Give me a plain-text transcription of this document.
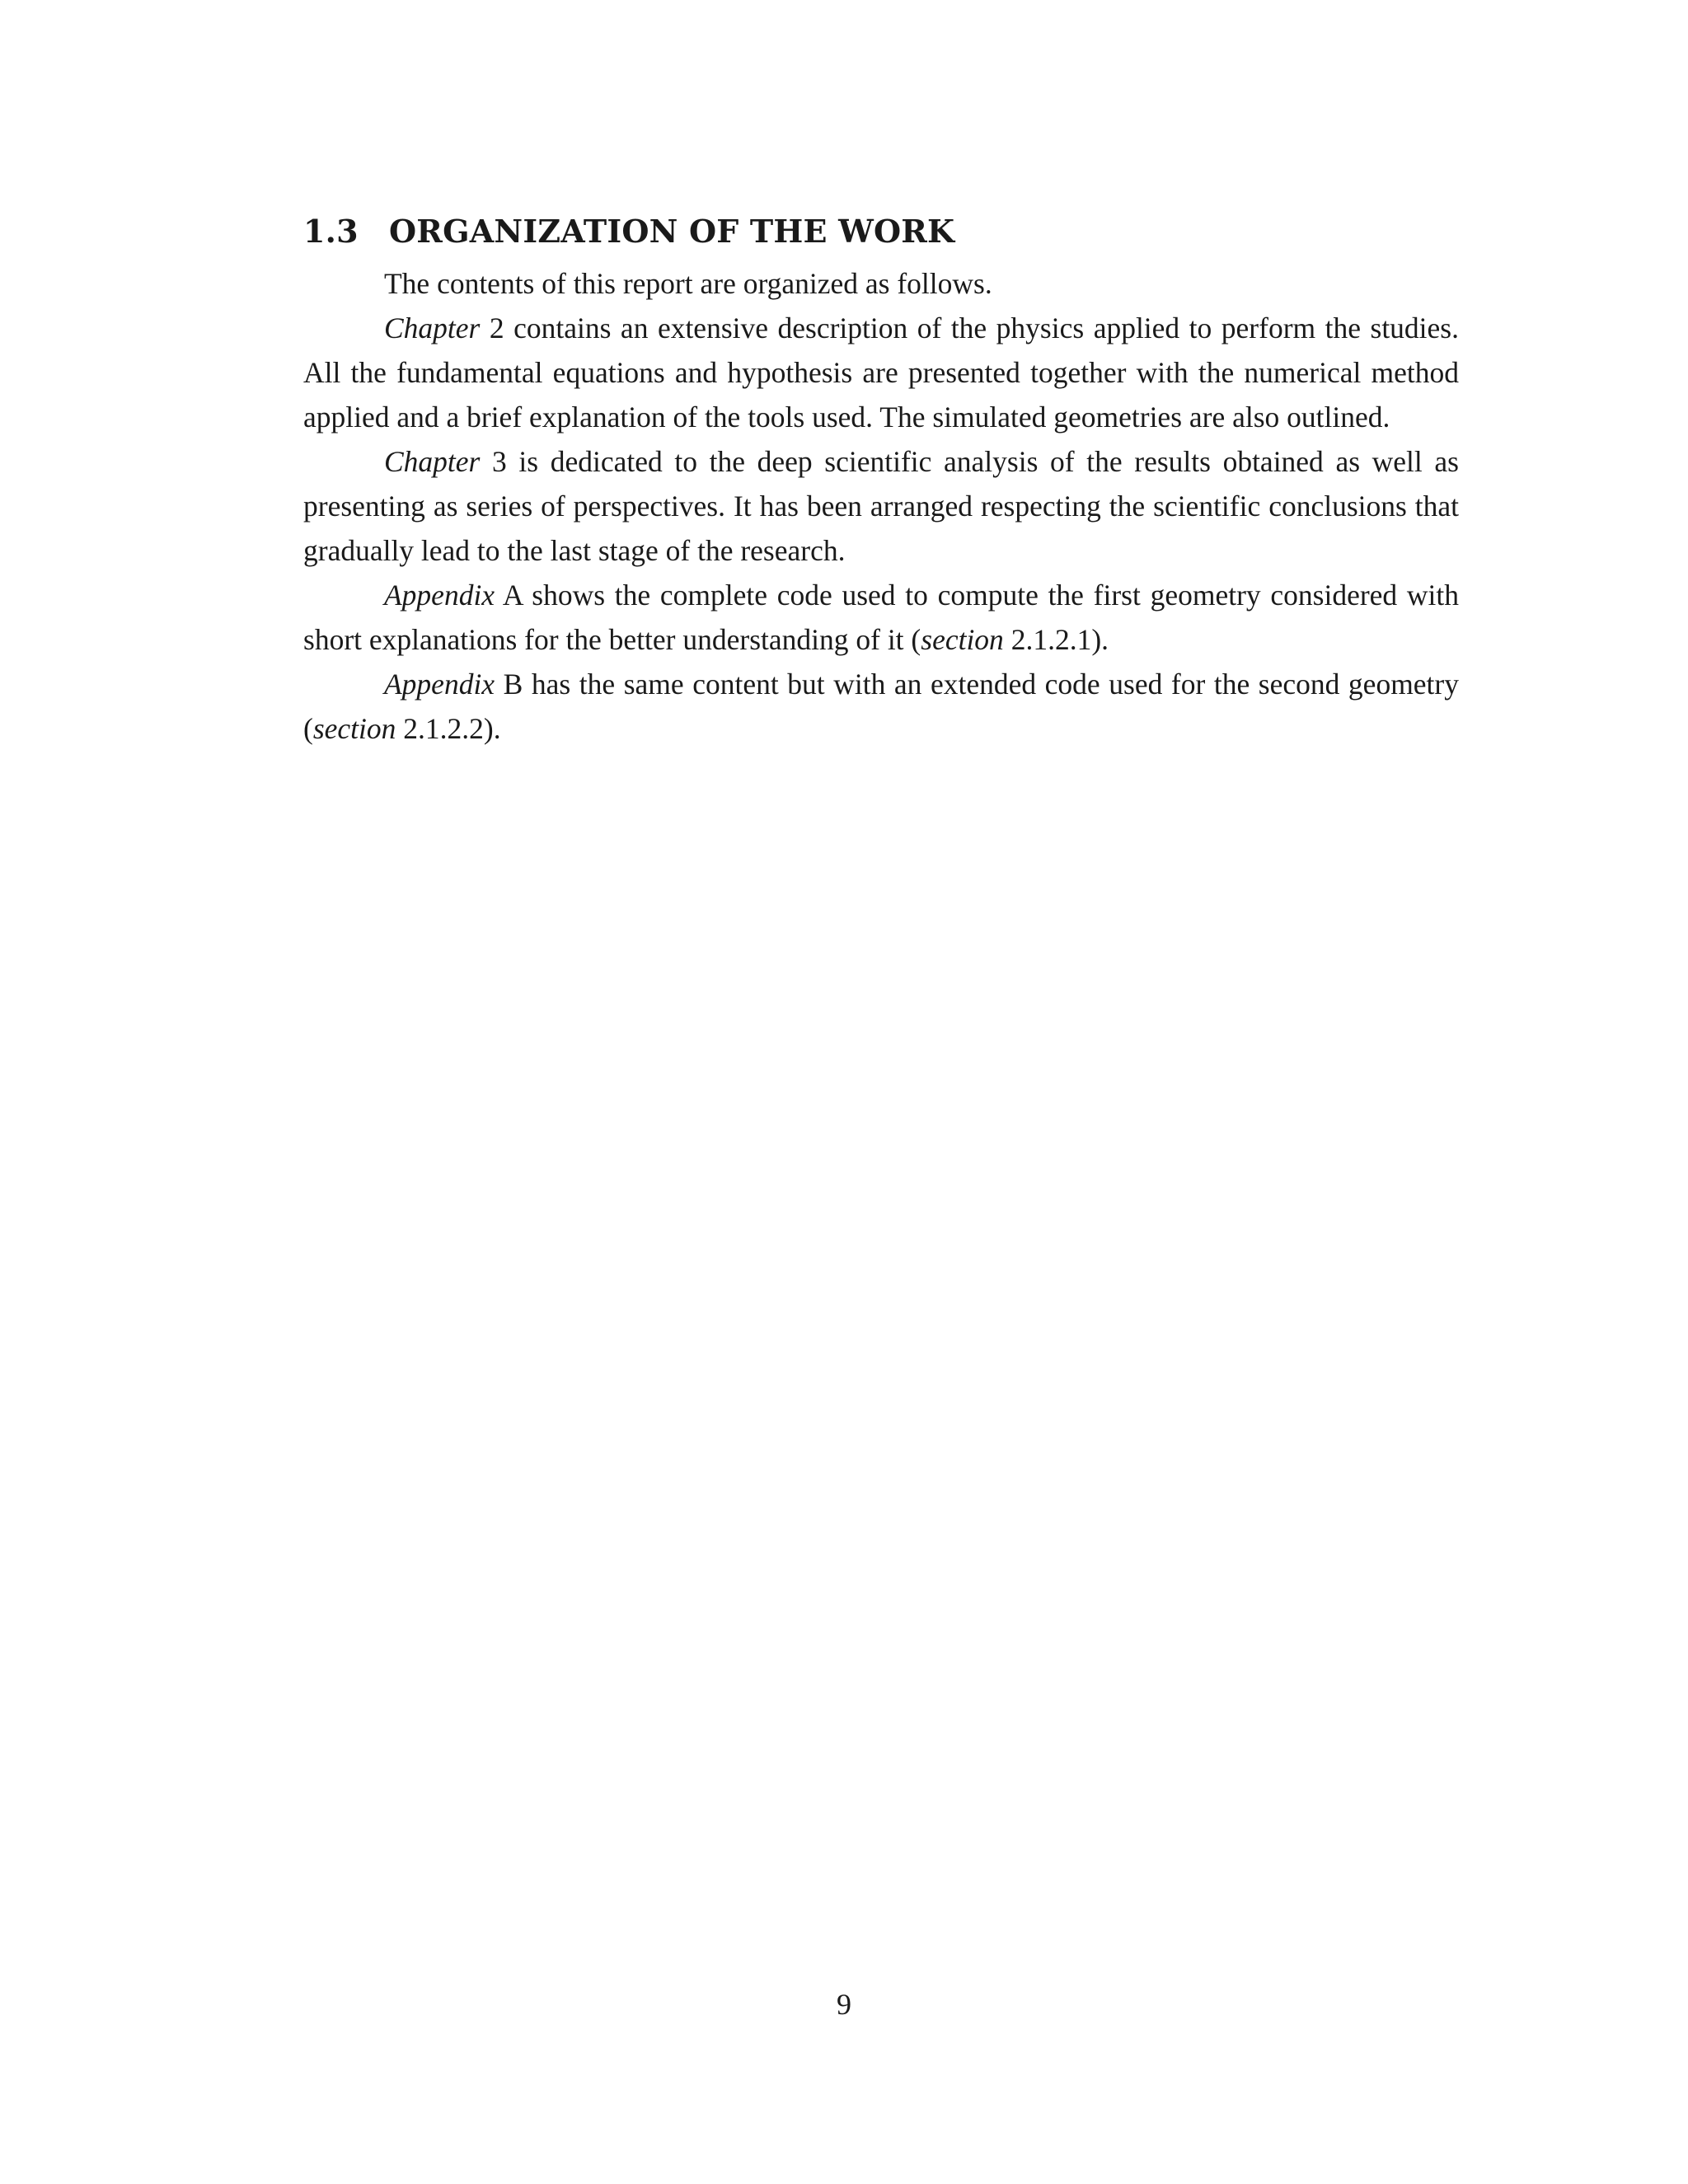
1.3 ORGANIZATION OF THE WORK

The contents of this report are organized as follows.

Chapter 2 contains an extensive description of the physics applied to perform the studies. All the fundamental equations and hypothesis are presented together with the numerical method applied and a brief explanation of the tools used. The simulated geometries are also outlined.

Chapter 3 is dedicated to the deep scientific analysis of the results obtained as well as presenting as series of perspectives. It has been arranged respecting the scientific conclusions that gradually lead to the last stage of the research.

Appendix A shows the complete code used to compute the first geometry considered with short explanations for the better understanding of it (section 2.1.2.1).

Appendix B has the same content but with an extended code used for the second geometry (section 2.1.2.2).

9
